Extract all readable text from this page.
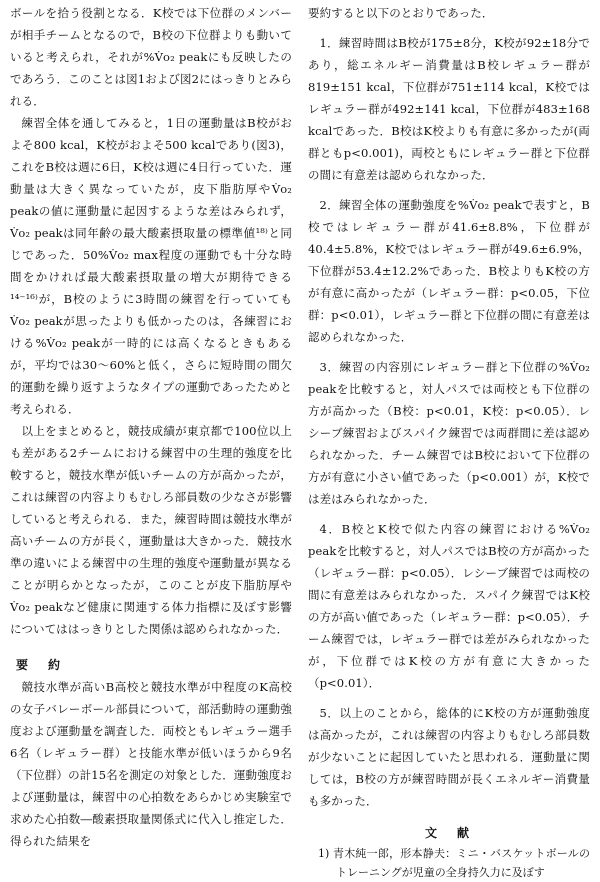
ボールを拾う役割となる．K校では下位群のメンバーが相手チームとなるので，B校の下位群よりも動いていると考えられ，それが%V̇o₂ peakにも反映したのであろう．このことは図1および図2にはっきりとみられる．

練習全体を通してみると，1日の運動量はB校がおよそ800 kcal，K校がおよそ500 kcalであり(図3)，これをB校は週に6日，K校は週に4日行っていた．運動量は大きく異なっていたが，皮下脂肪厚やV̇o₂ peakの値に運動量に起因するような差はみられず，V̇o₂ peakは同年齢の最大酸素摂取量の標準値¹⁸⁾と同じであった．50%V̇o₂ max程度の運動でも十分な時間をかければ最大酸素摂取量の増大が期待できる¹⁴⁻¹⁶⁾が，B校のように3時間の練習を行っていてもV̇o₂ peakが思ったよりも低かったのは，各練習における%V̇o₂ peakが一時的には高くなるときもあるが，平均では30～60%と低く，さらに短時間の間欠的運動を繰り返すようなタイプの運動であったためと考えられる．

以上をまとめると，競技成績が東京都で100位以上も差がある2チームにおける練習中の生理的強度を比較すると，競技水準が低いチームの方が高かったが，これは練習の内容よりもむしろ部員数の少なさが影響していると考えられる．また，練習時間は競技水準が高いチームの方が長く，運動量は大きかった．競技水準の違いによる練習中の生理的強度や運動量が異なることが明らかとなったが，このことが皮下脂肪厚やV̇o₂ peakなど健康に関連する体力指標に及ぼす影響についてははっきりとした関係は認められなかった．

要　約

競技水準が高いB高校と競技水準が中程度のK高校の女子バレーボール部員について，部活動時の運動強度および運動量を調査した．両校ともレギュラー選手6名（レギュラー群）と技能水準が低いほうから9名（下位群）の計15名を測定の対象とした．運動強度および運動量は，練習中の心拍数をあらかじめ実験室で求めた心拍数―酸素摂取量関係式に代入し推定した．得られた結果を

要約すると以下のとおりであった．

1．練習時間はB校が175±8分，K校が92±18分であり，総エネルギー消費量はB校レギュラー群が819±151 kcal，下位群が751±114 kcal，K校ではレギュラー群が492±141 kcal，下位群が483±168 kcalであった．B校はK校よりも有意に多かったが(両群ともp<0.001)，両校ともにレギュラー群と下位群の間に有意差は認められなかった．
2．練習全体の運動強度を%V̇o₂ peakで表すと，B校ではレギュラー群が41.6±8.8%，下位群が40.4±5.8%，K校ではレギュラー群が49.6±6.9%，下位群が53.4±12.2%であった．B校よりもK校の方が有意に高かったが（レギュラー群：p<0.05，下位群：p<0.01），レギュラー群と下位群の間に有意差は認められなかった．
3．練習の内容別にレギュラー群と下位群の%V̇o₂ peakを比較すると，対人パスでは両校とも下位群の方が高かった（B校：p<0.01，K校：p<0.05）．レシーブ練習およびスパイク練習では両群間に差は認められなかった．チーム練習ではB校において下位群の方が有意に小さい値であった（p<0.001）が，K校では差はみられなかった．
4．B校とK校で似た内容の練習における%V̇o₂ peakを比較すると，対人パスではB校の方が高かった（レギュラー群：p<0.05）．レシーブ練習では両校の間に有意差はみられなかった．スパイク練習ではK校の方が高い値であった（レギュラー群：p<0.05）．チーム練習では，レギュラー群では差がみられなかったが，下位群ではK校の方が有意に大きかった（p<0.01）．
5．以上のことから，総体的にK校の方が運動強度は高かったが，これは練習の内容よりもむしろ部員数が少ないことに起因していたと思われる．運動量に関しては，B校の方が練習時間が長くエネルギー消費量も多かった．
文　献
1) 青木純一郎，形本静夫：ミニ・バスケットボールのトレーニングが児童の全身持久力に及ぼす
